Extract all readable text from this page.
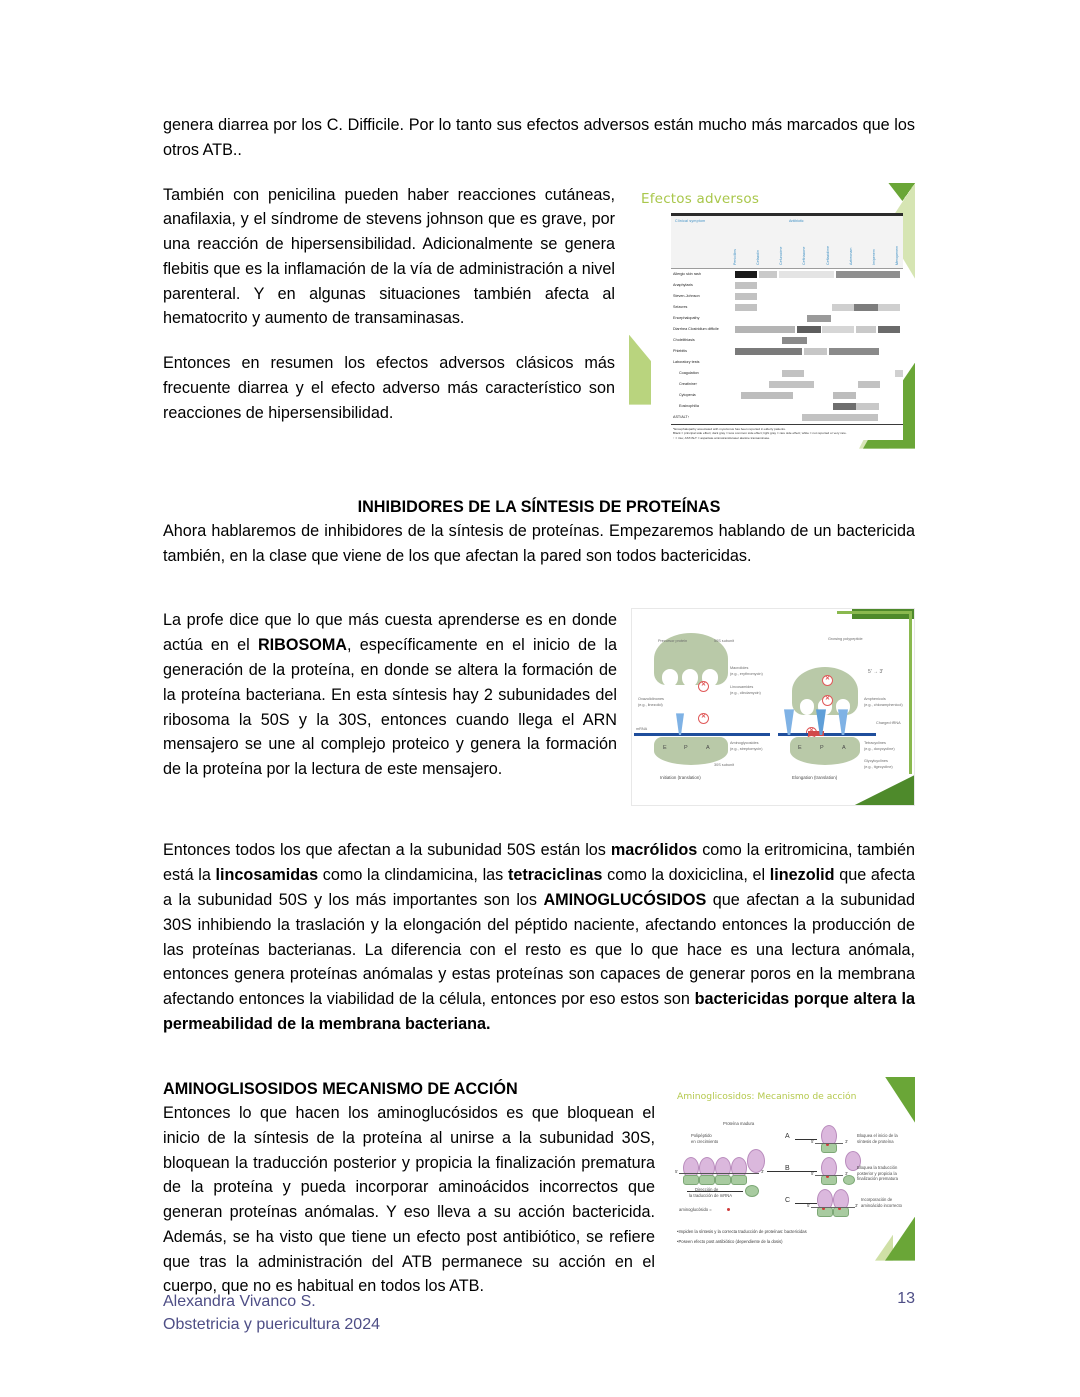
genera diarrea por los C. Difficile. Por lo tanto sus efectos adversos están mucho más marcados que los otros ATB..

Efectos adversos
Clinical symptom	Antibiotic
Penicillins	Cefazolin	Cefuroxime	Ceftriaxone	Ceftazidime	Aztreonam	Imipenem	Meropenem
Allergic skin rash
Anaphylaxis
Steven-Johnson
Seizures
Encephalopathy
Diarrhea Clostridium difficile
Cholelithiasis
Phlebitis
Laboratory tests
Coagulation
Creatinine↑
Cytopenia
Eosinophilia
AST/ALT↑
*Encephalopathy associated with myoclonus has been reported in elderly patients.
Black = principal side effect; dark gray = less common side effect; light gray = rare side effect; white = not reported or very rare.
↑ = rise; AST/ALT = aspartate aminotransferase/ alanine transaminase.

También con penicilina pueden haber reacciones cutáneas, anafilaxia, y el síndrome de stevens johnson que es grave, por una reacción de hipersensibilidad. Adicionalmente se genera flebitis que es la inflamación de la vía de administración a nivel parenteral. Y en algunas situaciones también afecta al hematocrito y aumento de transaminasas.

Entonces en resumen los efectos adversos clásicos más frecuente diarrea y el efecto adverso más característico son reacciones de hipersensibilidad.

INHIBIDORES DE LA SÍNTESIS DE PROTEÍNAS

Ahora hablaremos de inhibidores de la síntesis de proteínas. Empezaremos hablando de un bactericida también, en la clase que viene de los que afectan la pared son todos bactericidas.

Precursor protein	50S subunit
✕
✕
Macrolides
(e.g., erythromycin)
Lincosamides
(e.g., clindamycin)
Oxazolidinones
(e.g., linezolid)
mRNA
E	P	A
30S subunit
Aminoglycosides
(e.g., streptomycin)
Initiation (translation)
Growing polypeptide
5' → 3'
✕
✕	Amphenicols
(e.g., chloramphenicol)
Charged tRNA
E	P	A
Tetracyclines
(e.g., doxycycline)
Glycylcyclines
(e.g., tigecycline)
Elongation (translation)

La profe dice que lo que más cuesta aprenderse es en donde actúa en el RIBOSOMA, específicamente en el inicio de la generación de la proteína, en donde se altera la formación de la proteína bacteriana. En esta síntesis hay 2 subunidades del ribosoma la 50S y la 30S, entonces cuando llega el ARN mensajero se une al complejo proteico y genera la formación de la proteína por la lectura de este mensajero.

Entonces todos los que afectan a la subunidad 50S están los macrólidos como la eritromicina, también está la lincosamidas como la clindamicina, las tetraciclinas como la doxiciclina, el linezolid que afecta a la subunidad 50S y los más importantes son los AMINOGLUCÓSIDOS que afectan a la subunidad 30S inhibiendo la traslación y la elongación del péptido naciente, afectando entonces la producción de las proteínas bacterianas. La diferencia con el resto es que lo que hace es una lectura anómala, entonces genera proteínas anómalas y estas proteínas son capaces de generar poros en la membrana afectando entonces la viabilidad de la célula, entonces por eso estos son bactericidas porque altera la permeabilidad de la membrana bacteriana.

Aminoglicosidos: Mecanismo de acción
Proteína madura
Polipéptido
en crecimiento
5'	3'
Dirección de
la traducción de mRNA
aminoglucósido =
A
B
C
5'	3'
Bloquea el inicio de la síntesis de proteína
5'	3'
Bloquea la traducción posterior y propicia la finalización prematura
5'	3'
Incorporación de aminoácido incorrecto
•Impiden la síntesis y la correcta traducción de proteínas: bactericidas
•Poseen efecto post antibiótico (dependiente de la dosis)
AMINOGLISOSIDOS MECANISMO DE ACCIÓN

Entonces lo que hacen los aminoglucósidos es que bloquean el inicio de la síntesis de la proteína al unirse a la subunidad 30S, bloquean la traducción posterior y propicia la finalización prematura de la proteína y pueda incorporar aminoácidos incorrectos que generan proteínas anómalas. Y eso lleva a su acción bactericida. Además, se ha visto que tiene un efecto post antibiótico, se refiere que tras la administración del ATB permanece su acción en el cuerpo, que no es habitual en todos los ATB.

Alexandra Vivanco S.
Obstetricia y puericultura 2024
13
